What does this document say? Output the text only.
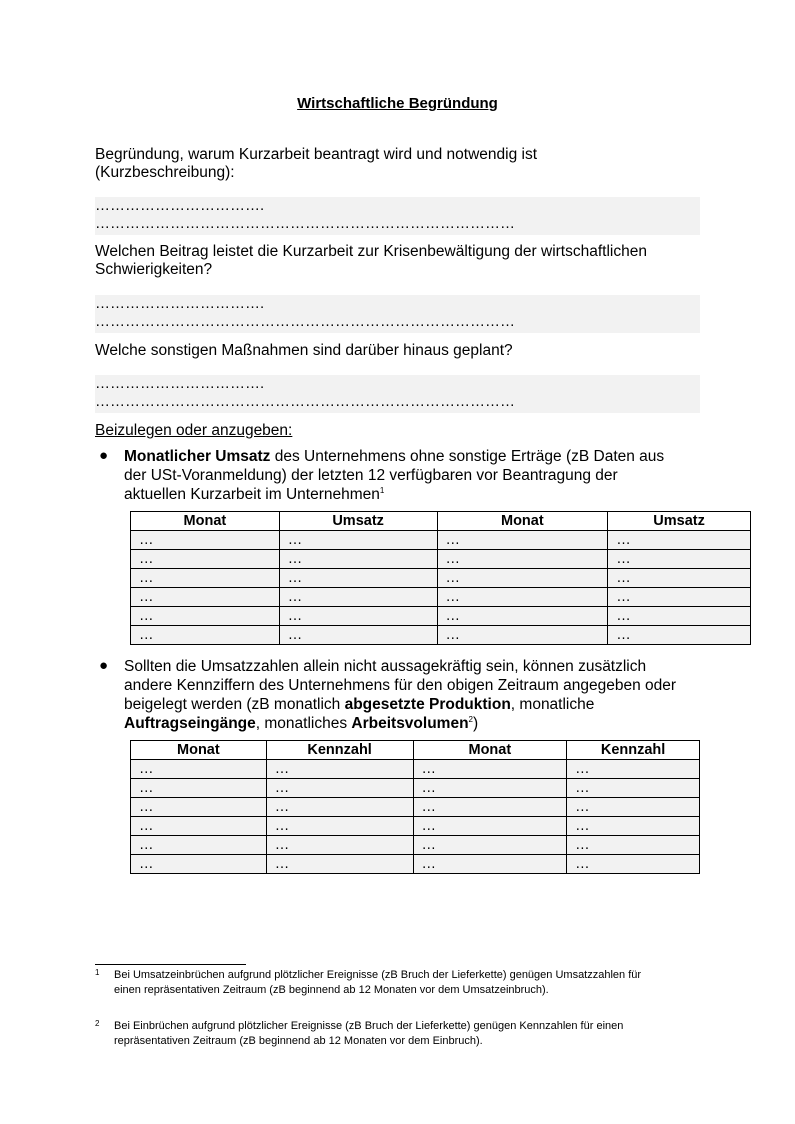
Wirtschaftliche Begründung
Begründung, warum Kurzarbeit beantragt wird und notwendig ist
(Kurzbeschreibung):
…………………………….
…………………………………………………………………………
Welchen Beitrag leistet die Kurzarbeit zur Krisenbewältigung der wirtschaftlichen
Schwierigkeiten?
…………………………….
…………………………………………………………………………
Welche sonstigen Maßnahmen sind darüber hinaus geplant?
…………………………….
…………………………………………………………………………
Beizulegen oder anzugeben:
● Monatlicher Umsatz des Unternehmens ohne sonstige Erträge (zB Daten aus
der USt-Voranmeldung) der letzten 12 verfügbaren vor Beantragung der
aktuellen Kurzarbeit im Unternehmen$^1$
Monat	Umsatz	Monat	Umsatz
…	…	…	…
…	…	…	…
…	…	…	…
…	…	…	…
…	…	…	…
…	…	…	…
● Sollten die Umsatzzahlen allein nicht aussagekräftig sein, können zusätzlich
andere Kennziffern des Unternehmens für den obigen Zeitraum angegeben oder
beigelegt werden (zB monatlich abgesetzte Produktion, monatliche
Auftragseingänge, monatliches Arbeitsvolumen$^2$)
Monat	Kennzahl	Monat	Kennzahl
…	…	…	…
…	…	…	…
…	…	…	…
…	…	…	…
…	…	…	…
…	…	…	…
1 Bei Umsatzeinbrüchen aufgrund plötzlicher Ereignisse (zB Bruch der Lieferkette) genügen Umsatzzahlen für
einen repräsentativen Zeitraum (zB beginnend ab 12 Monaten vor dem Umsatzeinbruch).
2 Bei Einbrüchen aufgrund plötzlicher Ereignisse (zB Bruch der Lieferkette) genügen Kennzahlen für einen
repräsentativen Zeitraum (zB beginnend ab 12 Monaten vor dem Einbruch).
